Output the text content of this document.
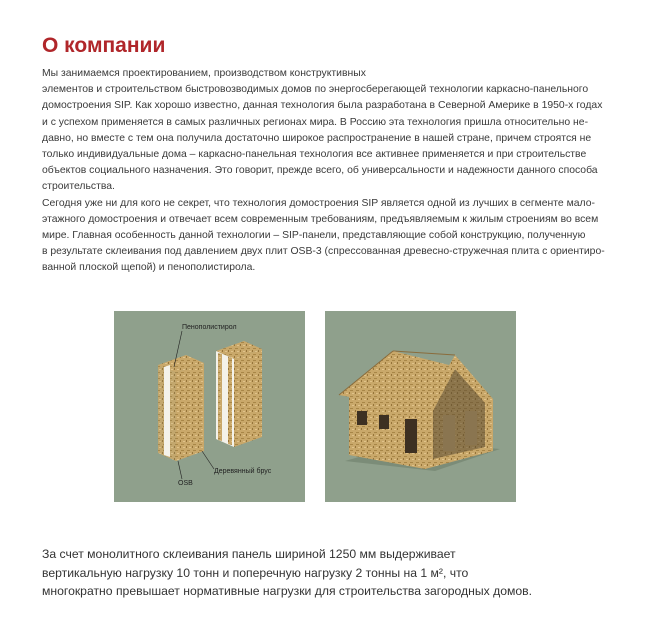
О компании
Мы занимаемся проектированием, производством конструктивных
элементов и строительством быстровозводимых домов по энергосберегающей технологии каркасно-панельного
домостроения SIP. Как хорошо известно, данная технология была разработана в Северной Америке в 1950-х годах
и с успехом применяется в самых различных регионах мира. В Россию эта технология пришла относительно не-
давно, но вместе с тем она получила достаточно широкое распространение в нашей стране, причем строятся не
только индивидуальные дома – каркасно-панельная технология все активнее применяется и при строительстве
объектов социального назначения. Это говорит, прежде всего, об универсальности и надежности данного способа
строительства.
Сегодня уже ни для кого не секрет, что технология домостроения SIP является одной из лучших в сегменте мало-
этажного домостроения и отвечает всем современным требованиям, предъявляемым к жилым строениям во всем
мире. Главная особенность данной технологии – SIP-панели, представляющие собой конструкцию, полученную
в результате склеивания под давлением двух плит OSB-3 (спрессованная древесно-стружечная плита с ориентиро-
ванной плоской щепой) и пенополистирола.
Пенополистирол
Деревянный брус
OSB
За счет монолитного склеивания панель шириной 1250 мм выдерживает
вертикальную нагрузку 10 тонн и поперечную нагрузку 2 тонны на 1 м², что
многократно превышает нормативные нагрузки для строительства загородных домов.
